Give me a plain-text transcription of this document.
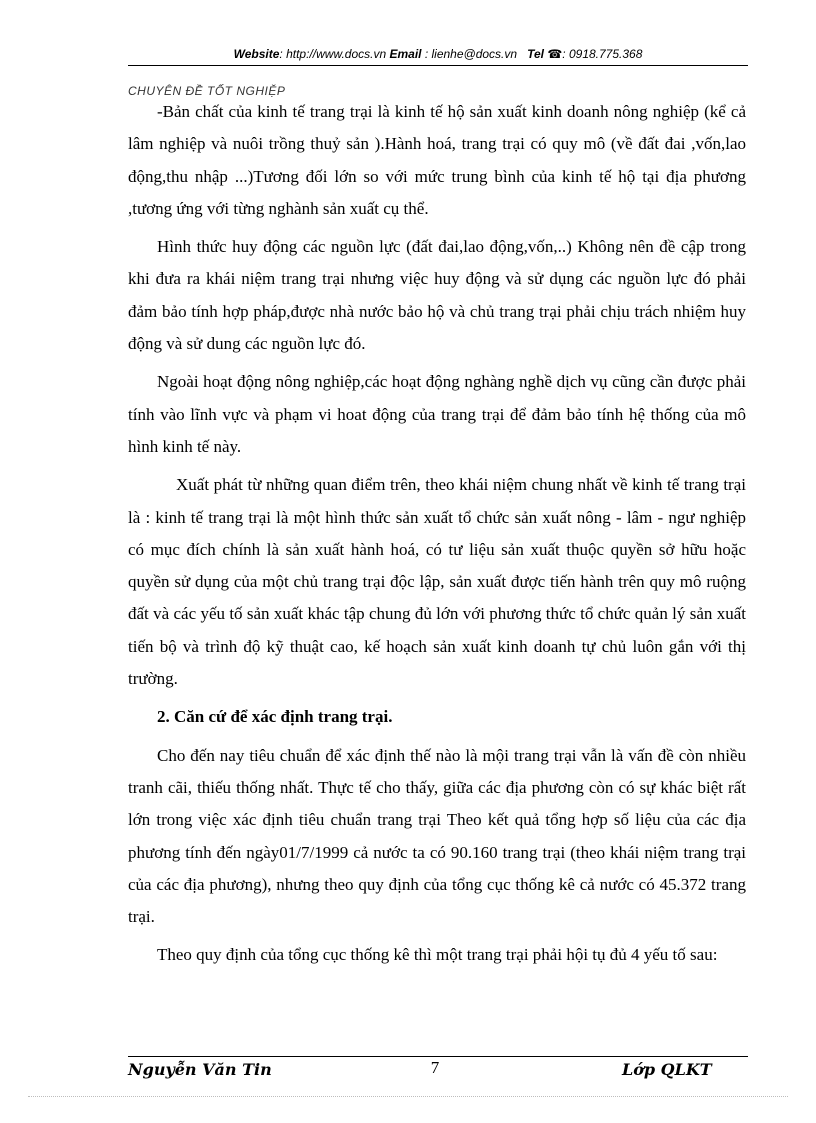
Website: http://www.docs.vn Email : lienhe@docs.vn Tel ☎: 0918.775.368
CHUYÊN ĐỀ TỐT NGHIỆP

-Bản chất của kinh tế trang trại là kinh tế hộ sản xuất kinh doanh nông nghiệp (kể cả lâm nghiệp và nuôi trồng thuỷ sản ).Hành hoá, trang trại có quy mô (về đất đai ,vốn,lao động,thu nhập ...)Tương đối lớn so với mức trung bình của kinh tế hộ tại địa phương ,tương ứng với từng nghành sản xuất cụ thể.

Hình thức huy động các nguồn lực (đất đai,lao động,vốn,..) Không nên đề cập trong khi đưa ra khái niệm trang trại nhưng việc huy động và sử dụng các nguồn lực đó phải đảm bảo tính hợp pháp,được nhà nước bảo hộ và chủ trang trại phải chịu trách nhiệm huy động và sử dung các nguồn lực đó.

Ngoài hoạt động nông nghiệp,các hoạt động nghàng nghề dịch vụ cũng cần được phải tính vào lĩnh vực và phạm vi hoat động của trang trại để đảm bảo tính hệ thống của mô hình kinh tế này.

Xuất phát từ những quan điểm trên, theo khái niệm chung nhất về kinh tế trang trại là : kinh tế trang trại là một hình thức sản xuất tổ chức sản xuất nông - lâm - ngư nghiệp có mục đích chính là sản xuất hành hoá, có tư liệu sản xuất thuộc quyền sở hữu hoặc quyền sử dụng của một chủ trang trại độc lập, sản xuất được tiến hành trên quy mô ruộng đất và các yếu tố sản xuất khác tập chung đủ lớn với phương thức tổ chức quản lý sản xuất tiến bộ và trình độ kỹ thuật cao, kế hoạch sản xuất kinh doanh tự chủ luôn gắn với thị trường.

2. Căn cứ để xác định trang trại.

Cho đến nay tiêu chuẩn để xác định thế nào là mội trang trại vẫn là vấn đề còn nhiều tranh cãi, thiếu thống nhất. Thực tế cho thấy, giữa các địa phương còn có sự khác biệt rất lớn trong việc xác định tiêu chuẩn trang trại Theo kết quả tổng hợp số liệu của các địa phương tính đến ngày01/7/1999 cả nước ta có 90.160 trang trại (theo khái niệm trang trại của các địa phương), nhưng theo quy định của tổng cục thống kê cả nước có 45.372 trang trại.

Theo quy định của tổng cục thống kê thì một trang trại phải hội tụ đủ 4 yếu tố sau:

Nguyễn Văn Tin	7	Lớp QLKT
